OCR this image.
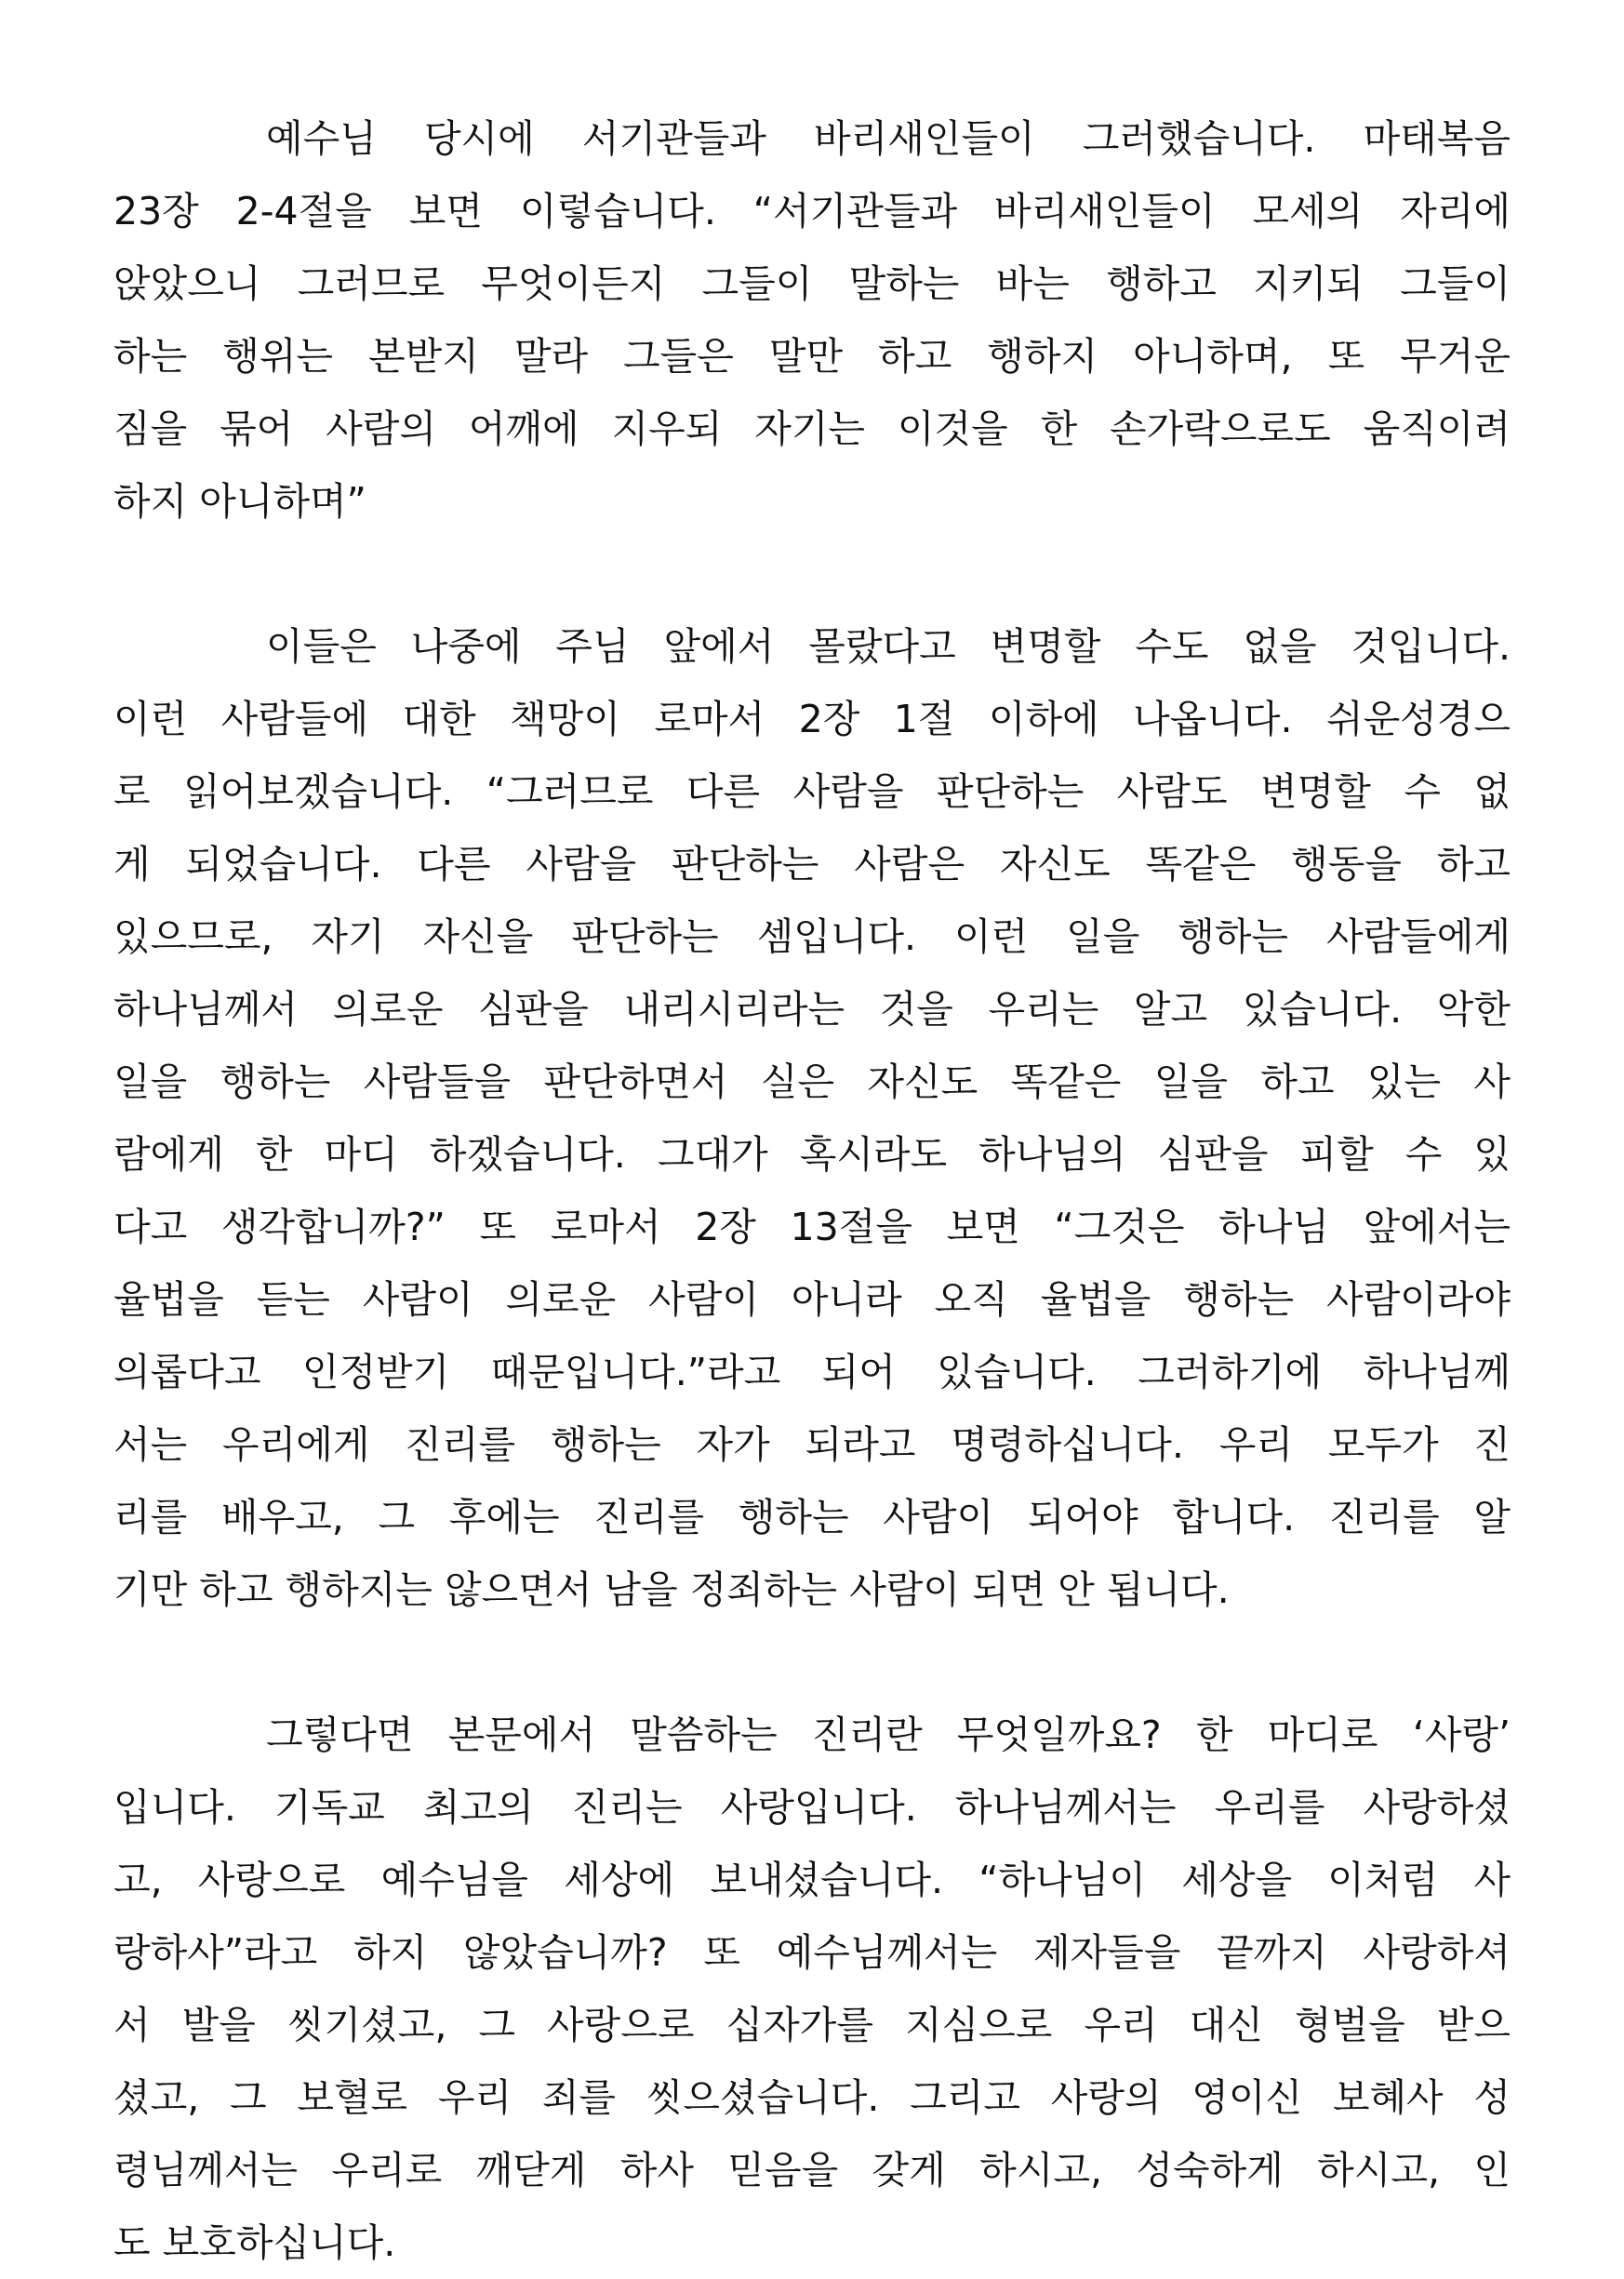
예수님 당시에 서기관들과 바리새인들이 그러했습니다. 마태복음
23장 2-4절을 보면 이렇습니다. “서기관들과 바리새인들이 모세의 자리에
앉았으니 그러므로 무엇이든지 그들이 말하는 바는 행하고 지키되 그들이
하는 행위는 본받지 말라 그들은 말만 하고 행하지 아니하며, 또 무거운
짐을 묶어 사람의 어깨에 지우되 자기는 이것을 한 손가락으로도 움직이려
하지 아니하며”
이들은 나중에 주님 앞에서 몰랐다고 변명할 수도 없을 것입니다.
이런 사람들에 대한 책망이 로마서 2장 1절 이하에 나옵니다. 쉬운성경으
로 읽어보겠습니다. “그러므로 다른 사람을 판단하는 사람도 변명할 수 없
게 되었습니다. 다른 사람을 판단하는 사람은 자신도 똑같은 행동을 하고
있으므로, 자기 자신을 판단하는 셈입니다. 이런 일을 행하는 사람들에게
하나님께서 의로운 심판을 내리시리라는 것을 우리는 알고 있습니다. 악한
일을 행하는 사람들을 판단하면서 실은 자신도 똑같은 일을 하고 있는 사
람에게 한 마디 하겠습니다. 그대가 혹시라도 하나님의 심판을 피할 수 있
다고 생각합니까?” 또 로마서 2장 13절을 보면 “그것은 하나님 앞에서는
율법을 듣는 사람이 의로운 사람이 아니라 오직 율법을 행하는 사람이라야
의롭다고 인정받기 때문입니다.”라고 되어 있습니다. 그러하기에 하나님께
서는 우리에게 진리를 행하는 자가 되라고 명령하십니다. 우리 모두가 진
리를 배우고, 그 후에는 진리를 행하는 사람이 되어야 합니다. 진리를 알
기만 하고 행하지는 않으면서 남을 정죄하는 사람이 되면 안 됩니다.
그렇다면 본문에서 말씀하는 진리란 무엇일까요? 한 마디로 ‘사랑’
입니다. 기독교 최고의 진리는 사랑입니다. 하나님께서는 우리를 사랑하셨
고, 사랑으로 예수님을 세상에 보내셨습니다. “하나님이 세상을 이처럼 사
랑하사”라고 하지 않았습니까? 또 예수님께서는 제자들을 끝까지 사랑하셔
서 발을 씻기셨고, 그 사랑으로 십자가를 지심으로 우리 대신 형벌을 받으
셨고, 그 보혈로 우리 죄를 씻으셨습니다. 그리고 사랑의 영이신 보혜사 성
령님께서는 우리로 깨닫게 하사 믿음을 갖게 하시고, 성숙하게 하시고, 인
도 보호하십니다.
